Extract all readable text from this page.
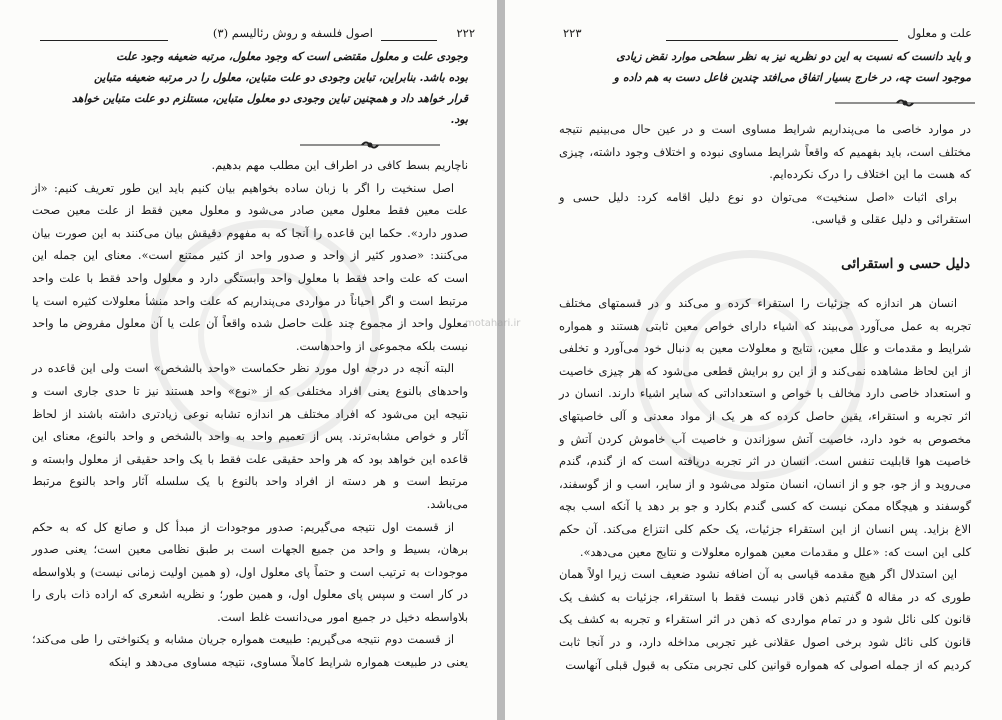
۲۲۲
اصول فلسفه و روش رئالیسم (۳)
وجودی علت و معلول مقتضی است که وجود معلول، مرتبه ضعیفه وجود علت
بوده باشد. بنابراین، تباین وجودی دو علت متباین، معلول را در مرتبه ضعیفه متباین
قرار خواهد داد و همچنین تباین وجودی دو معلول متباین، مستلزم دو علت متباین خواهد
بود.

ناچاریم بسط کافی در اطراف این مطلب مهم بدهیم.

اصل سنخیت را اگر با زبان ساده بخواهیم بیان کنیم باید این طور تعریف کنیم: «از علت معین فقط معلول معین صادر می‌شود و معلول معین فقط از علت معین صحت صدور دارد». حکما این قاعده را آنجا که به مفهوم دقیقش بیان می‌کنند به این صورت بیان می‌کنند: «صدور کثیر از واحد و صدور واحد از کثیر ممتنع است». معنای این جمله این است که علت واحد فقط با معلول واحد وابستگی دارد و معلول واحد فقط با علت واحد مرتبط است و اگر احیاناً در مواردی می‌پنداریم که علت واحد منشأ معلولات کثیره است یا معلول واحد از مجموع چند علت حاصل شده واقعاً آن علت یا آن معلول مفروض ما واحد نیست بلکه مجموعی از واحدهاست.

البته آنچه در درجه اول مورد نظر حکماست «واحد بالشخص» است ولی این قاعده در واحدهای بالنوع یعنی افراد مختلفی که از «نوع» واحد هستند نیز تا حدی جاری است و نتیجه این می‌شود که افراد مختلف هر اندازه تشابه نوعی زیادتری داشته باشند از لحاظ آثار و خواص مشابه‌ترند. پس از تعمیم واحد به واحد بالشخص و واحد بالنوع، معنای این قاعده این خواهد بود که هر واحد حقیقی علت فقط با یک واحد حقیقی از معلول وابسته و مرتبط است و هر دسته از افراد واحد بالنوع با یک سلسله آثار واحد بالنوع مرتبط می‌باشد.

از قسمت اول نتیجه می‌گیریم: صدور موجودات از مبدأ کل و صانع کل که به حکم برهان، بسیط و واحد من جمیع الجهات است بر طبق نظامی معین است؛ یعنی صدور موجودات به ترتیب است و حتماً پای معلول اول، (و همین اولیت زمانی نیست) و بلاواسطه در کار است و سپس پای معلول اول، و همین طور؛ و نظریه اشعری که اراده ذات باری را بلاواسطه دخیل در جمیع امور می‌دانست غلط است.

از قسمت دوم نتیجه می‌گیریم: طبیعت همواره جریان مشابه و یکنواختی را طی می‌کند؛ یعنی در طبیعت همواره شرایط کاملاً مساوی، نتیجه مساوی می‌دهد و اینکه

علت و معلول
۲۲۳
و باید دانست که نسبت به این دو نظریه نیز به نظر سطحی موارد نقض زیادی
موجود است چه، در خارج بسیار اتفاق می‌افتد چندین فاعل دست به هم داده و

در موارد خاصی ما می‌پنداریم شرایط مساوی است و در عین حال می‌بینیم نتیجه مختلف است، باید بفهمیم که واقعاً شرایط مساوی نبوده و اختلاف وجود داشته، چیزی که هست ما این اختلاف را درک نکرده‌ایم.

برای اثبات «اصل سنخیت» می‌توان دو نوع دلیل اقامه کرد: دلیل حسی و استقرائی و دلیل عقلی و قیاسی.

دلیل حسی و استقرائی

انسان هر اندازه که جزئیات را استقراء کرده و می‌کند و در قسمتهای مختلف تجربه به عمل می‌آورد می‌بیند که اشیاء دارای خواص معین ثابتی هستند و همواره شرایط و مقدمات و علل معین، نتایج و معلولات معین به دنبال خود می‌آورد و تخلفی از این لحاظ مشاهده نمی‌کند و از این رو برایش قطعی می‌شود که هر چیزی خاصیت و استعداد خاصی دارد مخالف با خواص و استعداداتی که سایر اشیاء دارند. انسان در اثر تجربه و استقراء، یقین حاصل کرده که هر یک از مواد معدنی و آلی خاصیتهای مخصوص به خود دارد، خاصیت آتش سوزاندن و خاصیت آب خاموش کردن آتش و خاصیت هوا قابلیت تنفس است. انسان در اثر تجربه دریافته است که از گندم، گندم می‌روید و از جو، جو و از انسان، انسان متولد می‌شود و از سایر، اسب و از گوسفند، گوسفند و هیچگاه ممکن نیست که کسی گندم بکارد و جو بر دهد یا آنکه اسب بچه الاغ بزاید. پس انسان از این استقراء جزئیات، یک حکم کلی انتزاع می‌کند. آن حکم کلی این است که: «علل و مقدمات معین همواره معلولات و نتایج معین می‌دهد».

این استدلال اگر هیچ مقدمه قیاسی به آن اضافه نشود ضعیف است زیرا اولاً همان طوری که در مقاله ۵ گفتیم ذهن قادر نیست فقط با استقراء، جزئیات به کشف یک قانون کلی نائل شود و در تمام مواردی که ذهن در اثر استقراء و تجربه به کشف یک قانون کلی نائل شود برخی اصول عقلانی غیر تجربی مداخله دارد، و در آنجا ثابت کردیم که از جمله اصولی که همواره قوانین کلی تجربی متکی به قبول قبلی آنهاست

motahari.ir
